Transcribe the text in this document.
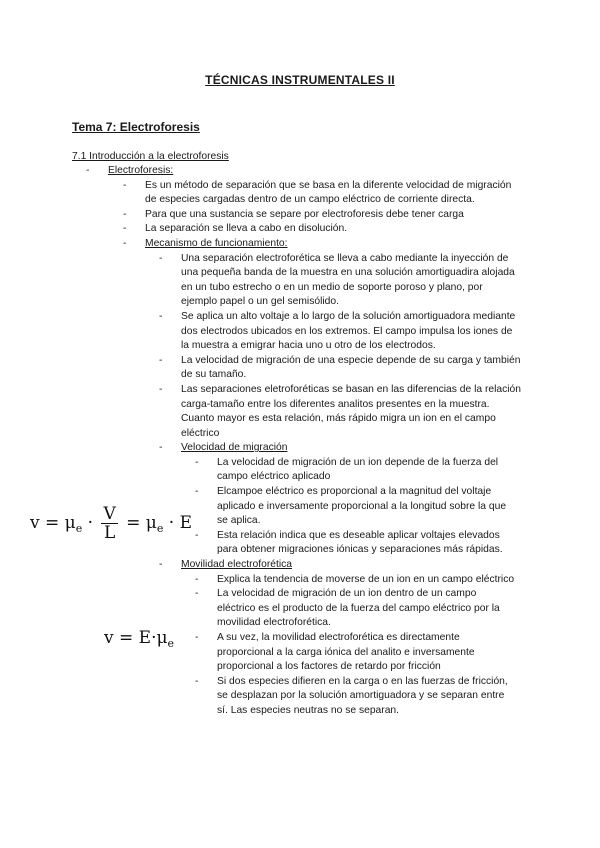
TÉCNICAS INSTRUMENTALES II
Tema 7: Electroforesis
7.1 Introducción a la electroforesis
- Electroforesis:
- Es un método de separación que se basa en la diferente velocidad de migración de especies cargadas dentro de un campo eléctrico de corriente directa.
- Para que una sustancia se separe por electroforesis debe tener carga
- La separación se lleva a cabo en disolución.
- Mecanismo de funcionamiento:
- Una separación electroforética se lleva a cabo mediante la inyección de una pequeña banda de la muestra en una solución amortiguadira alojada en un tubo estrecho o en un medio de soporte poroso y plano, por ejemplo papel o un gel semisólido.
- Se aplica un alto voltaje a lo largo de la solución amortiguadora mediante dos electrodos ubicados en los extremos. El campo impulsa los iones de la muestra a emigrar hacia uno u otro de los electrodos.
- La velocidad de migración de una especie depende de su carga y también de su tamaño.
- Las separaciones eletroforéticas se basan en las diferencias de la relación carga-tamaño entre los diferentes analitos presentes en la muestra. Cuanto mayor es esta relación, más rápido migra un ion en el campo eléctrico
- Velocidad de migración
- La velocidad de migración de un ion depende de la fuerza del campo eléctrico aplicado
- Elcampoe eléctrico es proporcional a la magnitud del voltaje aplicado e inversamente proporcional a la longitud sobre la que se aplica.
- Esta relación indica que es deseable aplicar voltajes elevados para obtener migraciones iónicas y separaciones más rápidas.
- Movilidad electroforética
- Explica la tendencia de moverse de un ion en un campo eléctrico
- La velocidad de migración de un ion dentro de un campo eléctrico es el producto de la fuerza del campo eléctrico por la movilidad electroforética.
- A su vez, la movilidad electroforética es directamente proporcional a la carga iónica del analito e inversamente proporcional a los factores de retardo por fricción
- Si dos especies difieren en la carga o en las fuerzas de fricción, se desplazan por la solución amortiguadora y se separan entre sí. Las especies neutras no se separan.
$v = \mu_e \cdot \frac{V}{L} = \mu_e \cdot E$
$v = E\cdot\mu_e$
